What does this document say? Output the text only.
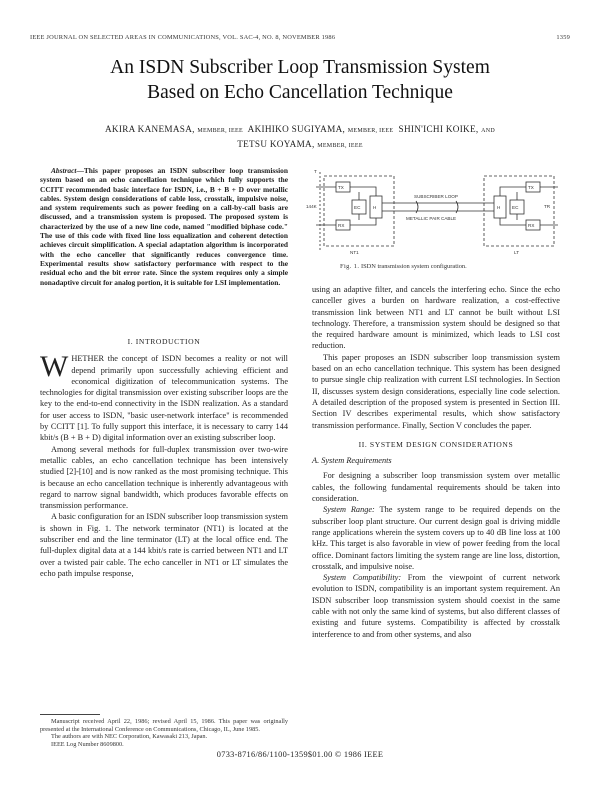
IEEE JOURNAL ON SELECTED AREAS IN COMMUNICATIONS, VOL. SAC-4, NO. 8, NOVEMBER 1986	1359
An ISDN Subscriber Loop Transmission System
Based on Echo Cancellation Technique
AKIRA KANEMASA, MEMBER, IEEE AKIHIKO SUGIYAMA, MEMBER, IEEE SHIN'ICHI KOIKE, AND
TETSU KOYAMA, MEMBER, IEEE

Abstract—This paper proposes an ISDN subscriber loop transmission system based on an echo cancellation technique which fully supports the CCITT recommended basic interface for ISDN, i.e., B + B + D over metallic cables. System design considerations of cable loss, crosstalk, impulsive noise, and system requirements such as power feeding on a call-by-call basis are discussed, and a transmission system is proposed. The proposed system is characterized by the use of a new line code, named "modified biphase code." The use of this code with fixed line loss equalization and coherent detection achieves circuit simplification. A special adaptation algorithm is incorporated with the echo canceller that significantly reduces convergence time. Experimental results show satisfactory performance with respect to the residual echo and the bit error rate. Since the system requires only a simple nonadaptive circuit for analog portion, it is suitable for LSI implementation.

I. INTRODUCTION

WHETHER the concept of ISDN becomes a reality or not will depend primarily upon successfully achieving efficient and economical digitization of telecommunication systems. The technologies for digital transmission over existing subscriber loops are the key to the end-to-end connectivity in the ISDN realization. As a standard for user access to ISDN, "basic user-network interface" is recommended by CCITT [1]. To fully support this interface, it is necessary to carry 144 kbit/s (B + B + D) digital information over an existing subscriber loop.

Among several methods for full-duplex transmission over two-wire metallic cables, an echo cancellation technique has been intensively studied [2]-[10] and is now ranked as the most promising technique. This is because an echo cancellation technique is inherently advantageous with regard to narrow signal bandwidth, which produces favorable effects on transmission performance.

A basic configuration for an ISDN subscriber loop transmission system is shown in Fig. 1. The network terminator (NT1) is located at the subscriber end and the line terminator (LT) at the local office end. The full-duplex digital data at a 144 kbit/s rate is carried between NT1 and LT over a twisted pair cable. The echo canceller in NT1 or LT simulates the echo path impulse response,

Manuscript received April 22, 1986; revised April 15, 1986. This paper was originally presented at the International Conference on Communications, Chicago, IL, June 1985.

The authors are with NEC Corporation, Kawasaki 213, Japan.

IEEE Log Number 8609800.

T
NT1	LT
SUBSCRIBER LOOP
METALLIC PAIR CABLE
TX
RX
EC	H
TX
RX
EC
H
144K	TR
Fig. 1. ISDN transmission system configuration.

using an adaptive filter, and cancels the interfering echo. Since the echo canceller gives a burden on hardware realization, a cost-effective transmission link between NT1 and LT cannot be built without LSI technology. Therefore, a transmission system should be designed so that the required hardware amount is minimized, which leads to LSI cost reduction.

This paper proposes an ISDN subscriber loop transmission system based on an echo cancellation technique. This system has been designed to pursue single chip realization with current LSI technologies. In Section II, discusses system design considerations, especially line code selection. A detailed description of the proposed system is presented in Section III. Section IV describes experimental results, which show satisfactory transmission performance. Finally, Section V concludes the paper.

II. SYSTEM DESIGN CONSIDERATIONS
A. System Requirements

For designing a subscriber loop transmission system over metallic cables, the following fundamental requirements should be taken into consideration.

System Range: The system range to be required depends on the subscriber loop plant structure. Our current design goal is driving middle range applications wherein the system covers up to 40 dB line loss at 100 kHz. This target is also favorable in view of power feeding from the local office. Dominant factors limiting the system range are line loss, distortion, crosstalk, and impulsive noise.

System Compatibility: From the viewpoint of current network evolution to ISDN, compatibility is an important system requirement. An ISDN subscriber loop transmission system should coexist in the same cable with not only the same kind of systems, but also different classes of existing and future systems. Compatibility is affected by crosstalk interference to and from other systems, and also

0733-8716/86/1100-1359$01.00 © 1986 IEEE
